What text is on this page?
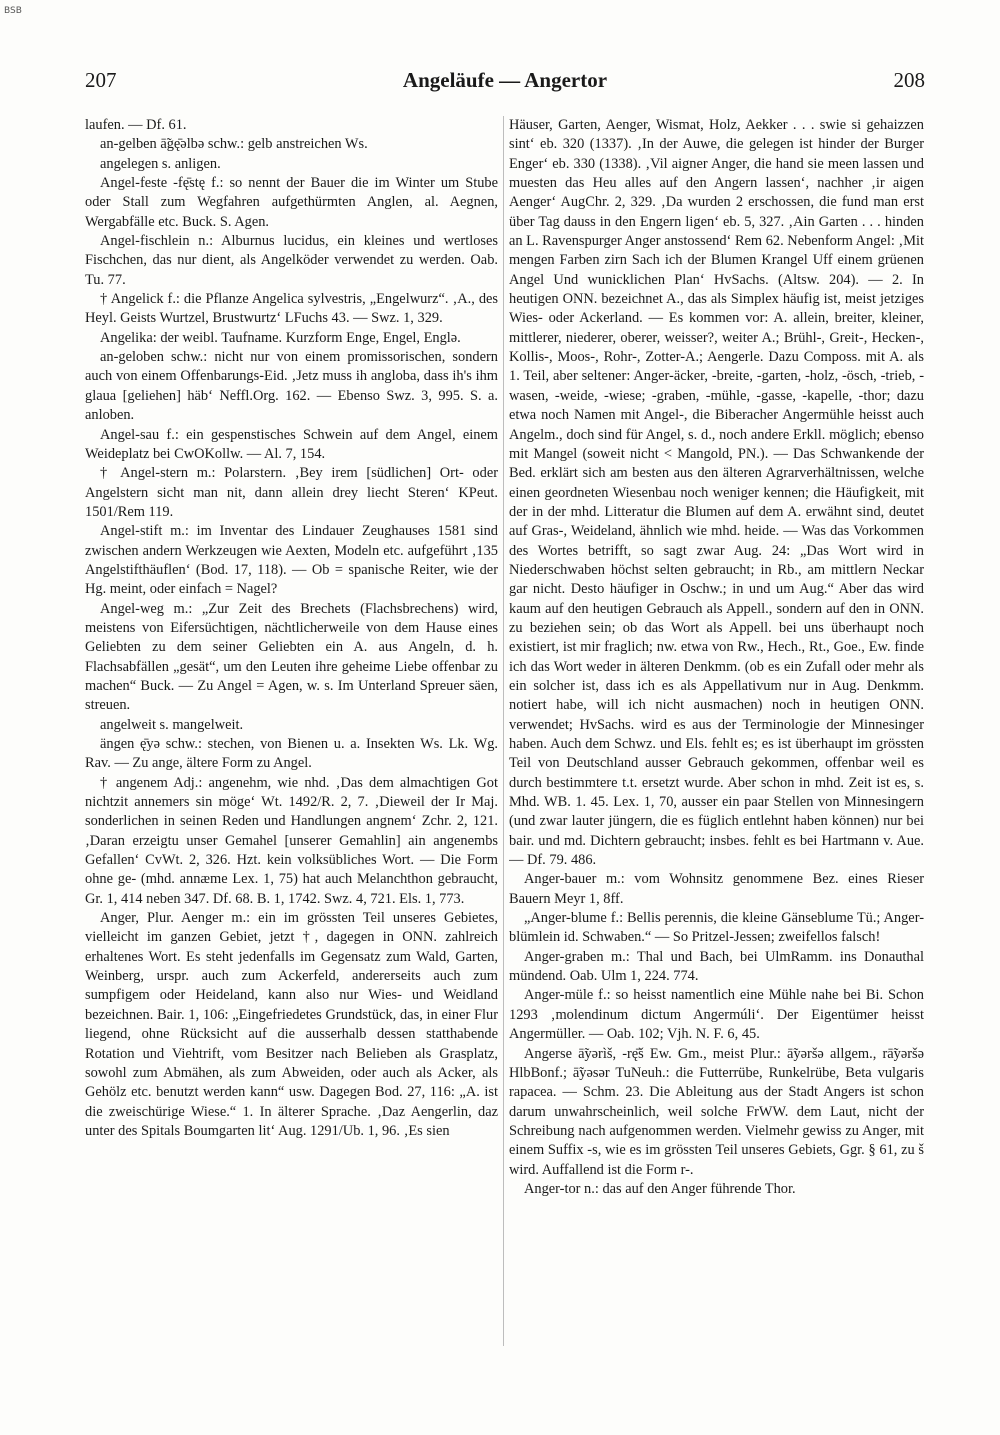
BSB
207	Angeläufe — Angertor	208

laufen. — Df. 61.

an-gelben ā̃gę̄əlbə schw.: gelb anstreichen Ws.

angelegen s. anligen.

Angel-feste -fę̄stę f.: so nennt der Bauer die im Winter um Stube oder Stall zum Wegfahren aufgethürmten Anglen, al. Aegnen, Wergabfälle etc. Buck. S. Agen.

Angel-fischlein n.: Alburnus lucidus, ein kleines und wertloses Fischchen, das nur dient, als Angelköder verwendet zu werden. Oab. Tu. 77.

† Angelick f.: die Pflanze Angelica sylvestris, „Engelwurz“. ‚A., des Heyl. Geists Wurtzel, Brustwurtz‘ LFuchs 43. — Swz. 1, 329.

Angelika: der weibl. Taufname. Kurzform Enge, Engel, Englə.

an-geloben schw.: nicht nur von einem promissorischen, sondern auch von einem Offenbarungs-Eid. ‚Jetz muss ih angloba, dass ih's ihm glaua [geliehen] häb‘ Neffl.Org. 162. — Ebenso Swz. 3, 995. S. a. anloben.

Angel-sau f.: ein gespenstisches Schwein auf dem Angel, einem Weideplatz bei CwOKollw. — Al. 7, 154.

† Angel-stern m.: Polarstern. ‚Bey irem [südlichen] Ort- oder Angelstern sicht man nit, dann allein drey liecht Steren‘ KPeut. 1501/Rem 119.

Angel-stift m.: im Inventar des Lindauer Zeughauses 1581 sind zwischen andern Werkzeugen wie Aexten, Modeln etc. aufgeführt ‚135 Angelstifthäuflen‘ (Bod. 17, 118). — Ob = spanische Reiter, wie der Hg. meint, oder einfach = Nagel?

Angel-weg m.: „Zur Zeit des Brechets (Flachsbrechens) wird, meistens von Eifersüchtigen, nächtlicherweile von dem Hause eines Geliebten zu dem seiner Geliebten ein A. aus Angeln, d. h. Flachsabfällen „gesät“, um den Leuten ihre geheime Liebe offenbar zu machen“ Buck. — Zu Angel = Agen, w. s. Im Unterland Spreuer säen, streuen.

angelweit s. mangelweit.

ängen ę̄yə schw.: stechen, von Bienen u. a. Insekten Ws. Lk. Wg. Rav. — Zu ange, ältere Form zu Angel.

† angenem Adj.: angenehm, wie nhd. ‚Das dem almachtigen Got nichtzit annemers sin möge‘ Wt. 1492/R. 2, 7. ‚Dieweil der Ir Maj. sonderlichen in seinen Reden und Handlungen angnem‘ Zchr. 2, 121. ‚Daran erzeigtu unser Gemahel [unserer Gemahlin] ain angenembs Gefallen‘ CvWt. 2, 326. Hzt. kein volksübliches Wort. — Die Form ohne ge- (mhd. annæme Lex. 1, 75) hat auch Melanchthon gebraucht, Gr. 1, 414 neben 347. Df. 68. B. 1, 1742. Swz. 4, 721. Els. 1, 773.

Anger, Plur. Aenger m.: ein im grössten Teil unseres Gebietes, vielleicht im ganzen Gebiet, jetzt †, dagegen in ONN. zahlreich erhaltenes Wort. Es steht jedenfalls im Gegensatz zum Wald, Garten, Weinberg, urspr. auch zum Ackerfeld, andererseits auch zum sumpfigem oder Heideland, kann also nur Wies- und Weidland bezeichnen. Bair. 1, 106: „Eingefriedetes Grundstück, das, in einer Flur liegend, ohne Rücksicht auf die ausserhalb dessen statthabende Rotation und Viehtrift, vom Besitzer nach Belieben als Grasplatz, sowohl zum Abmähen, als zum Abweiden, oder auch als Acker, als Gehölz etc. benutzt werden kann“ usw. Dagegen Bod. 27, 116: „A. ist die zweischürige Wiese.“ 1. In älterer Sprache. ‚Daz Aengerlin, daz unter des Spitals Boumgarten lit‘ Aug. 1291/Ub. 1, 96. ‚Es sien

Häuser, Garten, Aenger, Wismat, Holz, Aekker . . . swie si gehaizzen sint‘ eb. 320 (1337). ‚In der Auwe, die gelegen ist hinder der Burger Enger‘ eb. 330 (1338). ‚Vil aigner Anger, die hand sie meen lassen und muesten das Heu alles auf den Angern lassen‘, nachher ‚ir aigen Aenger‘ AugChr. 2, 329. ‚Da wurden 2 erschossen, die fund man erst über Tag dauss in den Engern ligen‘ eb. 5, 327. ‚Ain Garten . . . hinden an L. Ravenspurger Anger anstossend‘ Rem 62. Nebenform Angel: ‚Mit mengen Farben zirn Sach ich der Blumen Krangel Uff einem grüenen Angel Und wunicklichen Plan‘ HvSachs. (Altsw. 204). — 2. In heutigen ONN. bezeichnet A., das als Simplex häufig ist, meist jetziges Wies- oder Ackerland. — Es kommen vor: A. allein, breiter, kleiner, mittlerer, niederer, oberer, weisser?, weiter A.; Brühl-, Greit-, Hecken-, Kollis-, Moos-, Rohr-, Zotter-A.; Aengerle. Dazu Composs. mit A. als 1. Teil, aber seltener: Anger-äcker, -breite, -garten, -holz, -ösch, -trieb, -wasen, -weide, -wiese; -graben, -mühle, -gasse, -kapelle, -thor; dazu etwa noch Namen mit Angel-, die Biberacher Angermühle heisst auch Angelm., doch sind für Angel, s. d., noch andere Erkll. möglich; ebenso mit Mangel (soweit nicht < Mangold, PN.). — Das Schwankende der Bed. erklärt sich am besten aus den älteren Agrarverhältnissen, welche einen geordneten Wiesenbau noch weniger kennen; die Häufigkeit, mit der in der mhd. Litteratur die Blumen auf dem A. erwähnt sind, deutet auf Gras-, Weideland, ähnlich wie mhd. heide. — Was das Vorkommen des Wortes betrifft, so sagt zwar Aug. 24: „Das Wort wird in Niederschwaben höchst selten gebraucht; in Rb., am mittlern Neckar gar nicht. Desto häufiger in Oschw.; in und um Aug.“ Aber das wird kaum auf den heutigen Gebrauch als Appell., sondern auf den in ONN. zu beziehen sein; ob das Wort als Appell. bei uns überhaupt noch existiert, ist mir fraglich; nw. etwa von Rw., Hech., Rt., Goe., Ew. finde ich das Wort weder in älteren Denkmm. (ob es ein Zufall oder mehr als ein solcher ist, dass ich es als Appellativum nur in Aug. Denkmm. notiert habe, will ich nicht ausmachen) noch in heutigen ONN. verwendet; HvSachs. wird es aus der Terminologie der Minnesinger haben. Auch dem Schwz. und Els. fehlt es; es ist überhaupt im grössten Teil von Deutschland ausser Gebrauch gekommen, offenbar weil es durch bestimmtere t.t. ersetzt wurde. Aber schon in mhd. Zeit ist es, s. Mhd. WB. 1. 45. Lex. 1, 70, ausser ein paar Stellen von Minnesingern (und zwar lauter jüngern, die es füglich entlehnt haben können) nur bei bair. und md. Dichtern gebraucht; insbes. fehlt es bei Hartmann v. Aue. — Df. 79. 486.

Anger-bauer m.: vom Wohnsitz genommene Bez. eines Rieser Bauern Meyr 1, 8ff.

„Anger-blume f.: Bellis perennis, die kleine Gänseblume Tü.; Anger-blümlein id. Schwaben.“ — So Pritzel-Jessen; zweifellos falsch!

Anger-graben m.: Thal und Bach, bei UlmRamm. ins Donauthal mündend. Oab. Ulm 1, 224. 774.

Anger-müle f.: so heisst namentlich eine Mühle nahe bei Bi. Schon 1293 ‚molendinum dictum Angermúli‘. Der Eigentümer heisst Angermüller. — Oab. 102; Vjh. N. F. 6, 45.

Angerse ā̃yərìš, -rę̄š Ew. Gm., meist Plur.: ā̃yəršə allgem., rā̃yəršə HlbBonf.; ā̃yəsər TuNeuh.: die Futterrübe, Runkelrübe, Beta vulgaris rapacea. — Schm. 23. Die Ableitung aus der Stadt Angers ist schon darum unwahrscheinlich, weil solche FrWW. dem Laut, nicht der Schreibung nach aufgenommen werden. Vielmehr gewiss zu Anger, mit einem Suffix -s, wie es im grössten Teil unseres Gebiets, Ggr. § 61, zu š wird. Auffallend ist die Form r-.

Anger-tor n.: das auf den Anger führende Thor.
